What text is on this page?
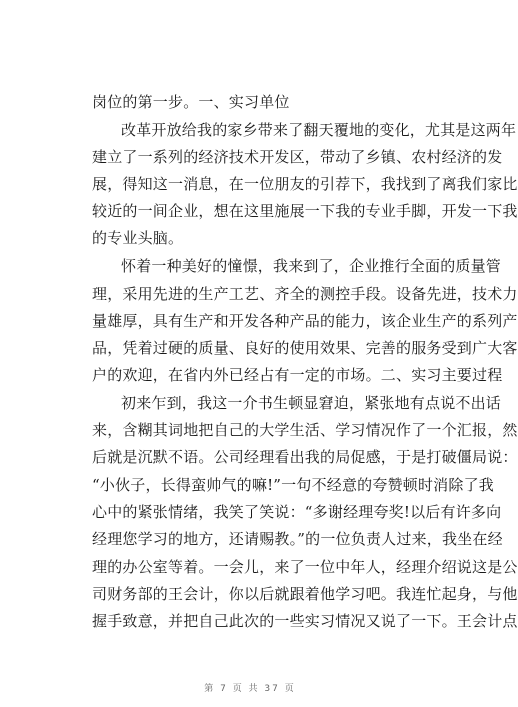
岗位的第一步。一、实习单位
改革开放给我的家乡带来了翻天覆地的变化，尤其是这两年
建立了一系列的经济技术开发区，带动了乡镇、农村经济的发
展，得知这一消息，在一位朋友的引荐下，我找到了离我们家比
较近的一间企业，想在这里施展一下我的专业手脚，开发一下我
的专业头脑。
怀着一种美好的憧憬，我来到了，企业推行全面的质量管
理，采用先进的生产工艺、齐全的测控手段。设备先进，技术力
量雄厚，具有生产和开发各种产品的能力，该企业生产的系列产
品，凭着过硬的质量、良好的使用效果、完善的服务受到广大客
户的欢迎，在省内外已经占有一定的市场。二、实习主要过程
初来乍到，我这一介书生顿显窘迫，紧张地有点说不出话
来，含糊其词地把自己的大学生活、学习情况作了一个汇报，然
后就是沉默不语。公司经理看出我的局促感，于是打破僵局说：
“小伙子，长得蛮帅气的嘛!”一句不经意的夸赞顿时消除了我
心中的紧张情绪，我笑了笑说：“多谢经理夸奖!以后有许多向
经理您学习的地方，还请赐教。”的一位负责人过来，我坐在经
理的办公室等着。一会儿，来了一位中年人，经理介绍说这是公
司财务部的王会计，你以后就跟着他学习吧。我连忙起身，与他
握手致意，并把自己此次的一些实习情况又说了一下。王会计点
第 7 页 共 37 页
